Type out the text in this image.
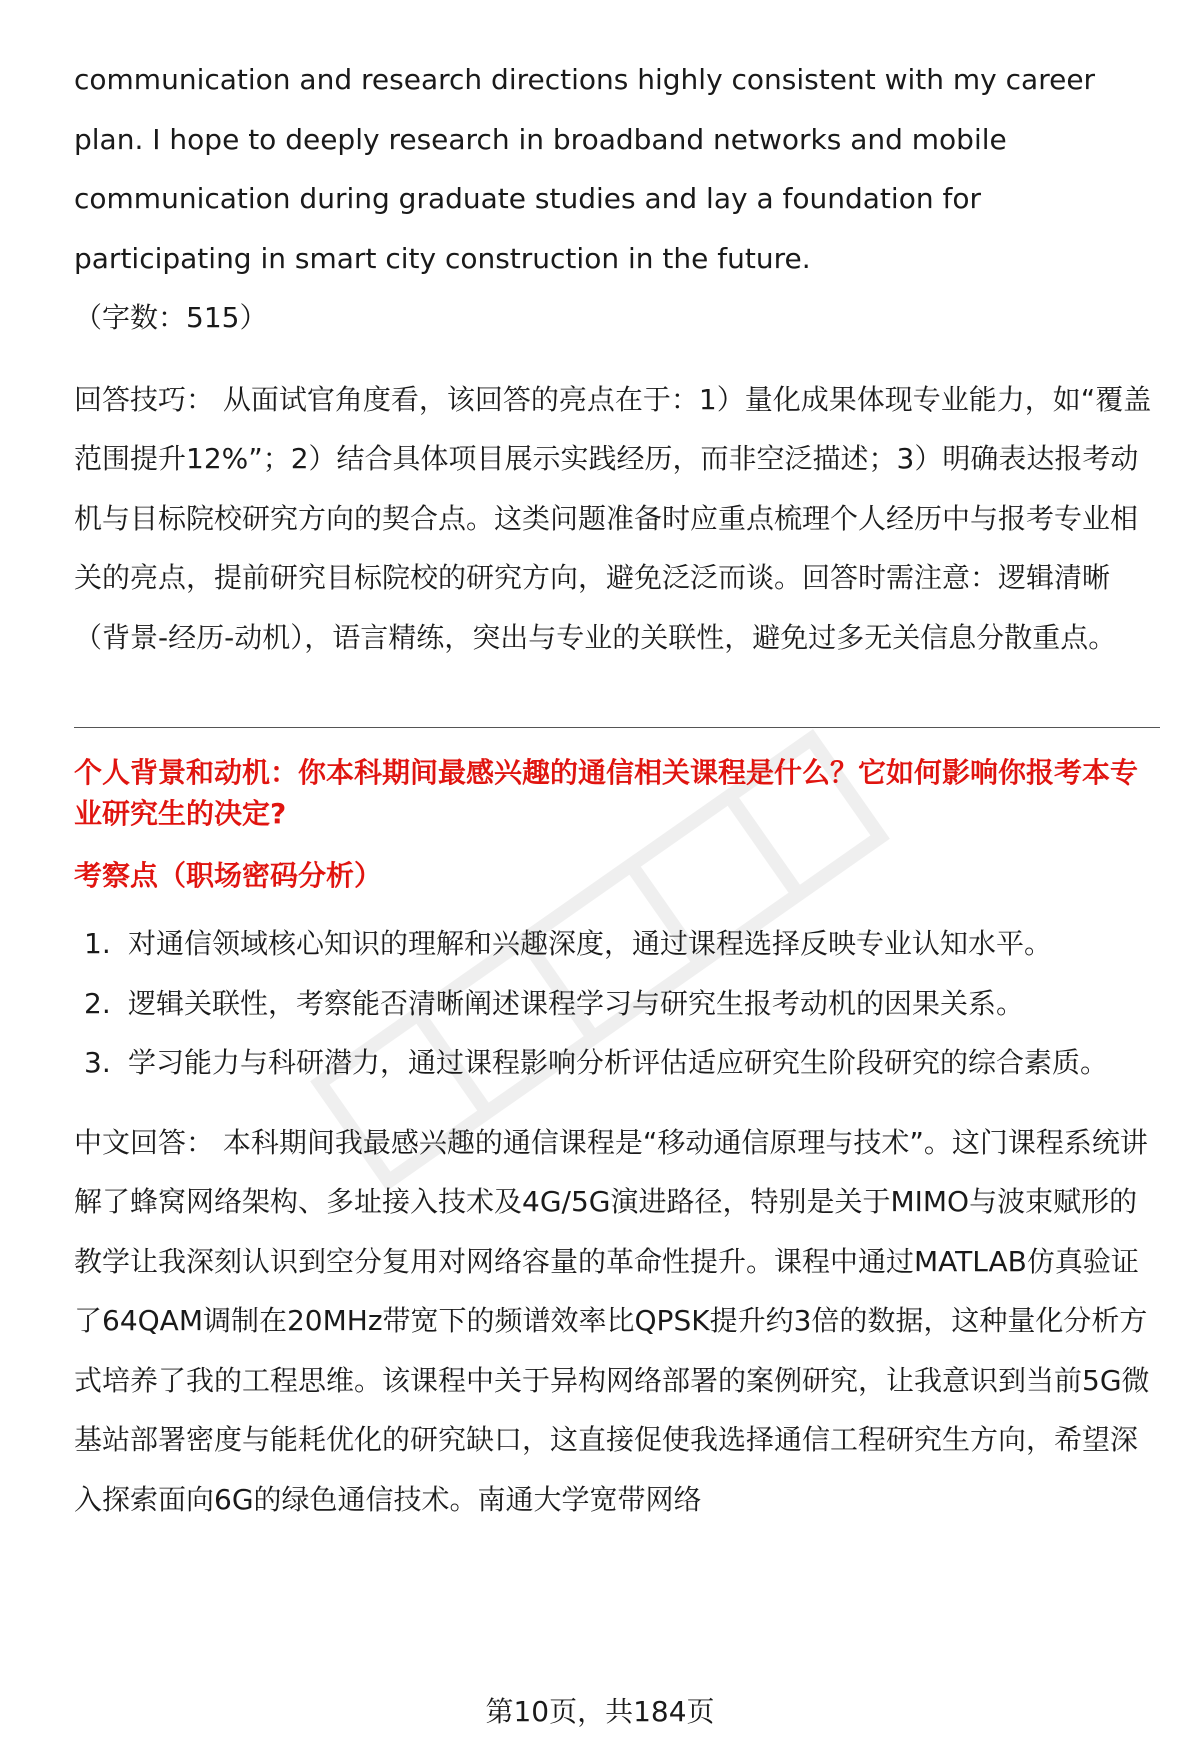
communication and research directions highly consistent with my career plan. I hope to deeply research in broadband networks and mobile communication during graduate studies and lay a foundation for participating in smart city construction in the future.

（字数：515）

回答技巧： 从面试官角度看，该回答的亮点在于：1）量化成果体现专业能力，如“覆盖范围提升12%”；2）结合具体项目展示实践经历，而非空泛描述；3）明确表达报考动机与目标院校研究方向的契合点。这类问题准备时应重点梳理个人经历中与报考专业相关的亮点，提前研究目标院校的研究方向，避免泛泛而谈。回答时需注意：逻辑清晰（背景-经历-动机），语言精练，突出与专业的关联性，避免过多无关信息分散重点。

个人背景和动机：你本科期间最感兴趣的通信相关课程是什么？它如何影响你报考本专业研究生的决定?
考察点（职场密码分析）
1. 对通信领域核心知识的理解和兴趣深度，通过课程选择反映专业认知水平。
2. 逻辑关联性，考察能否清晰阐述课程学习与研究生报考动机的因果关系。
3. 学习能力与科研潜力，通过课程影响分析评估适应研究生阶段研究的综合素质。

中文回答： 本科期间我最感兴趣的通信课程是“移动通信原理与技术”。这门课程系统讲解了蜂窝网络架构、多址接入技术及4G/5G演进路径，特别是关于MIMO与波束赋形的教学让我深刻认识到空分复用对网络容量的革命性提升。课程中通过MATLAB仿真验证了64QAM调制在20MHz带宽下的频谱效率比QPSK提升约3倍的数据，这种量化分析方式培养了我的工程思维。该课程中关于异构网络部署的案例研究，让我意识到当前5G微基站部署密度与能耗优化的研究缺口，这直接促使我选择通信工程研究生方向，希望深入探索面向6G的绿色通信技术。南通大学宽带网络

第10页，共184页
